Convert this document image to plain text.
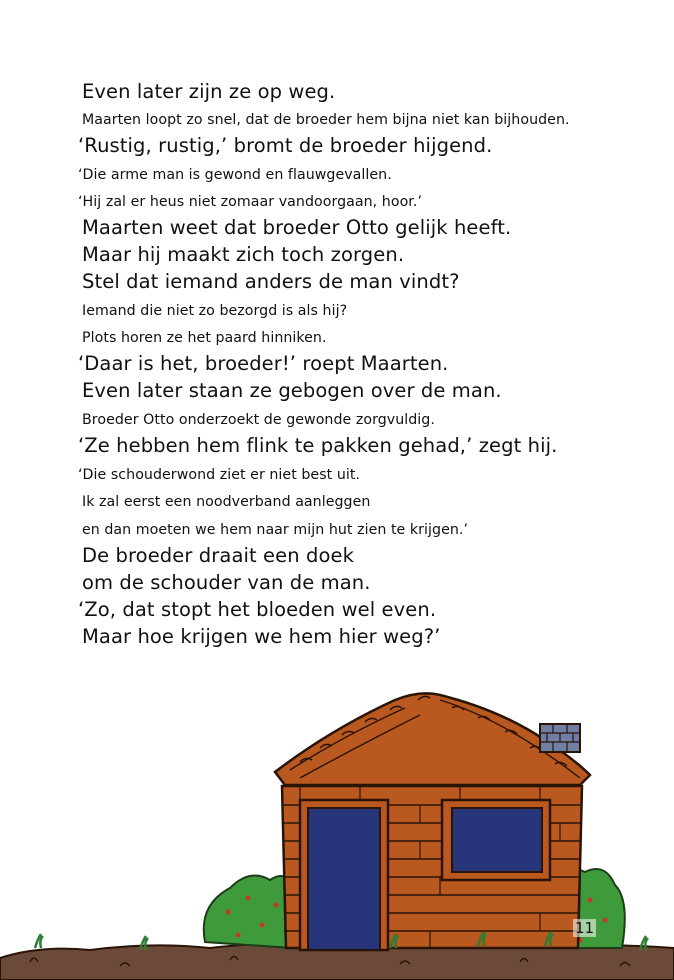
Even later zijn ze op weg.
Maarten loopt zo snel, dat de broeder hem bijna niet kan bijhouden.
‘Rustig, rustig,’ bromt de broeder hijgend.
‘Die arme man is gewond en flauwgevallen.
‘Hij zal er heus niet zomaar vandoorgaan, hoor.’
Maarten weet dat broeder Otto gelijk heeft.
Maar hij maakt zich toch zorgen.
Stel dat iemand anders de man vindt?
Iemand die niet zo bezorgd is als hij?
Plots horen ze het paard hinniken.
‘Daar is het, broeder!’ roept Maarten.
Even later staan ze gebogen over de man.
Broeder Otto onderzoekt de gewonde zorgvuldig.
‘Ze hebben hem flink te pakken gehad,’ zegt hij.
‘Die schouderwond ziet er niet best uit.
Ik zal eerst een noodverband aanleggen
en dan moeten we hem naar mijn hut zien te krijgen.’
De broeder draait een doek
om de schouder van de man.
‘Zo, dat stopt het bloeden wel even.
Maar hoe krijgen we hem hier weg?’
11
